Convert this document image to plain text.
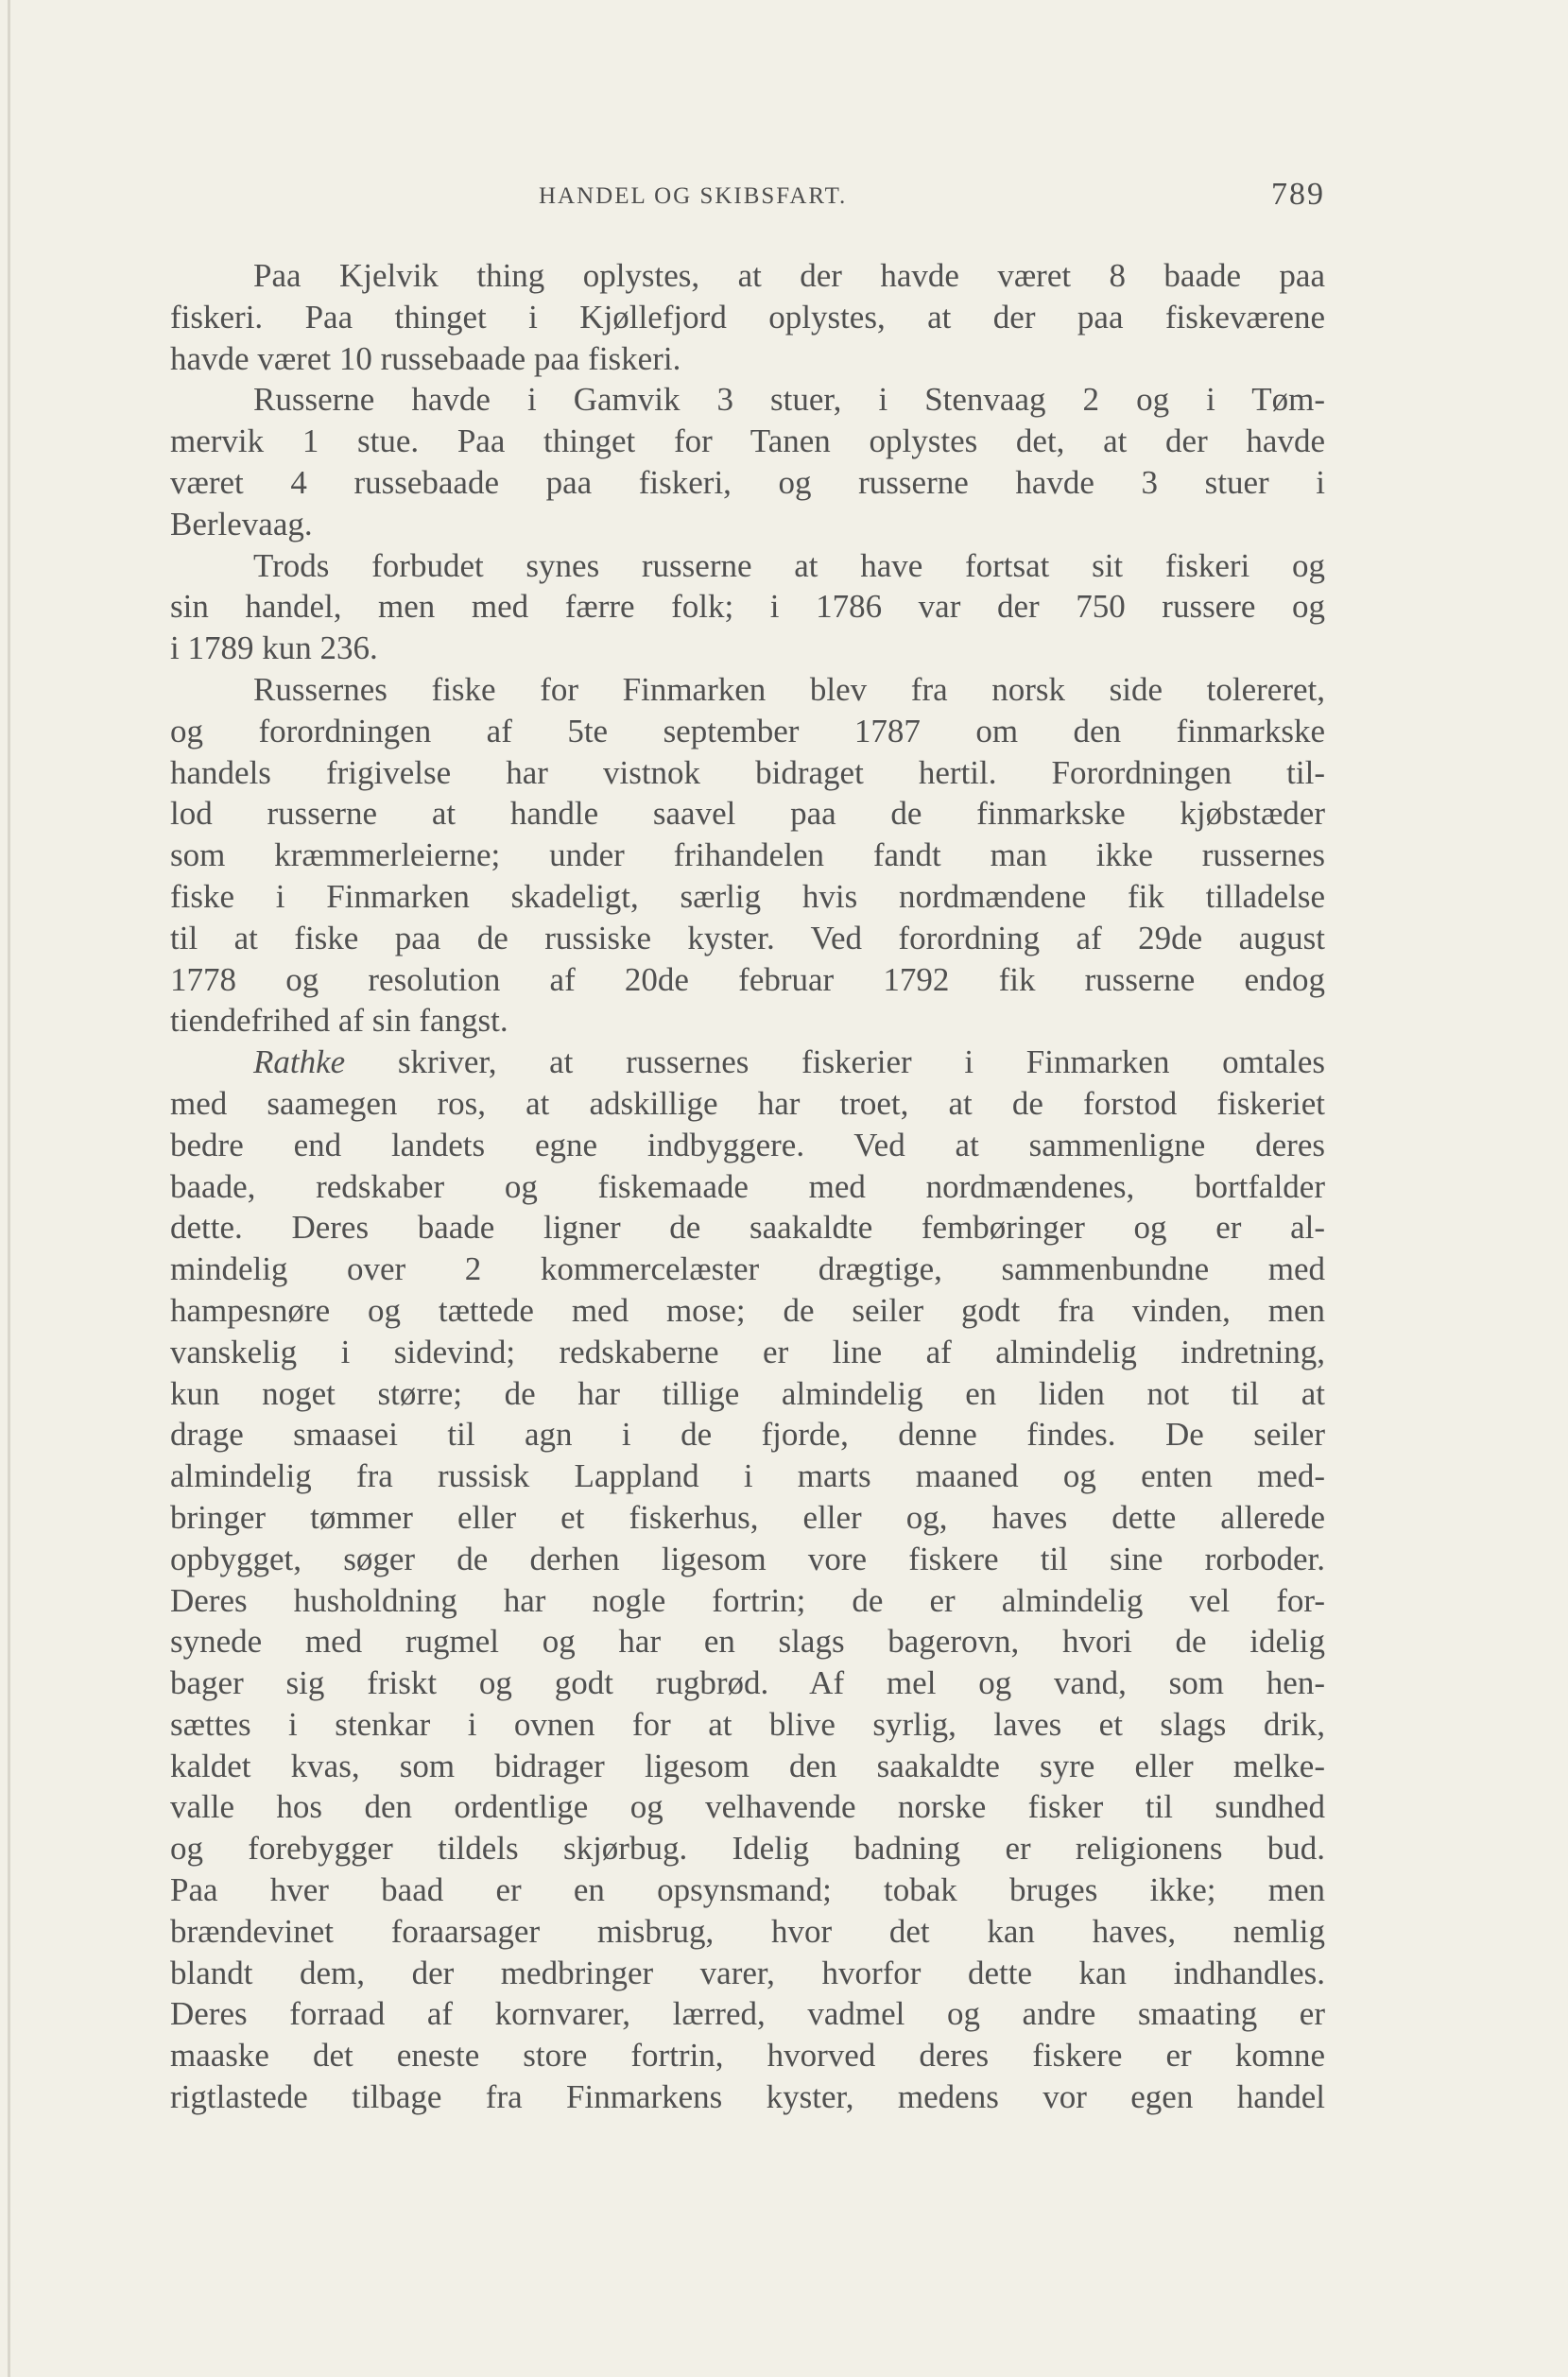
HANDEL OG SKIBSFART.	789
Paa Kjelvik thing oplystes, at der havde været 8 baade paa
fiskeri. Paa thinget i Kjøllefjord oplystes, at der paa fiskeværene
havde været 10 russebaade paa fiskeri.
Russerne havde i Gamvik 3 stuer, i Stenvaag 2 og i Tøm-
mervik 1 stue. Paa thinget for Tanen oplystes det, at der havde
været 4 russebaade paa fiskeri, og russerne havde 3 stuer i
Berlevaag.
Trods forbudet synes russerne at have fortsat sit fiskeri og
sin handel, men med færre folk; i 1786 var der 750 russere og
i 1789 kun 236.
Russernes fiske for Finmarken blev fra norsk side tolereret,
og forordningen af 5te september 1787 om den finmarkske
handels frigivelse har vistnok bidraget hertil. Forordningen til-
lod russerne at handle saavel paa de finmarkske kjøbstæder
som kræmmerleierne; under frihandelen fandt man ikke russernes
fiske i Finmarken skadeligt, særlig hvis nordmændene fik tilladelse
til at fiske paa de russiske kyster. Ved forordning af 29de august
1778 og resolution af 20de februar 1792 fik russerne endog
tiendefrihed af sin fangst.
Rathke skriver, at russernes fiskerier i Finmarken omtales
med saamegen ros, at adskillige har troet, at de forstod fiskeriet
bedre end landets egne indbyggere. Ved at sammenligne deres
baade, redskaber og fiskemaade med nordmændenes, bortfalder
dette. Deres baade ligner de saakaldte fembøringer og er al-
mindelig over 2 kommercelæster drægtige, sammenbundne med
hampesnøre og tættede med mose; de seiler godt fra vinden, men
vanskelig i sidevind; redskaberne er line af almindelig indretning,
kun noget større; de har tillige almindelig en liden not til at
drage smaasei til agn i de fjorde, denne findes. De seiler
almindelig fra russisk Lappland i marts maaned og enten med-
bringer tømmer eller et fiskerhus, eller og, haves dette allerede
opbygget, søger de derhen ligesom vore fiskere til sine rorboder.
Deres husholdning har nogle fortrin; de er almindelig vel for-
synede med rugmel og har en slags bagerovn, hvori de idelig
bager sig friskt og godt rugbrød. Af mel og vand, som hen-
sættes i stenkar i ovnen for at blive syrlig, laves et slags drik,
kaldet kvas, som bidrager ligesom den saakaldte syre eller melke-
valle hos den ordentlige og velhavende norske fisker til sundhed
og forebygger tildels skjørbug. Idelig badning er religionens bud.
Paa hver baad er en opsynsmand; tobak bruges ikke; men
brændevinet foraarsager misbrug, hvor det kan haves, nemlig
blandt dem, der medbringer varer, hvorfor dette kan indhandles.
Deres forraad af kornvarer, lærred, vadmel og andre smaating er
maaske det eneste store fortrin, hvorved deres fiskere er komne
rigtlastede tilbage fra Finmarkens kyster, medens vor egen handel
